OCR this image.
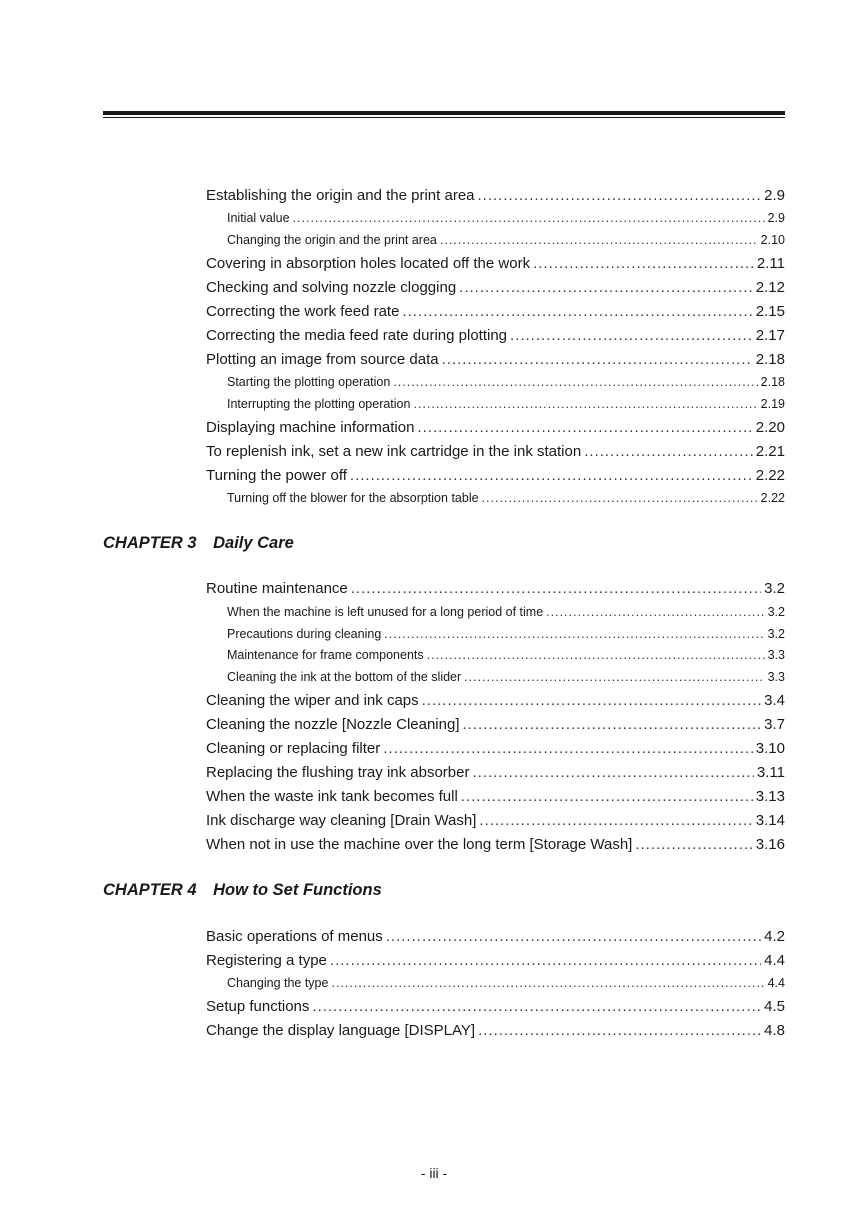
Establishing the origin and the print area .....	2.9
Initial value .....	2.9
Changing the origin and the print area .....	2.10
Covering in absorption holes located off the work .....	2.11
Checking and solving nozzle clogging .....	2.12
Correcting the work feed rate .....	2.15
Correcting the media feed rate during plotting .....	2.17
Plotting an image from source data .....	2.18
Starting the plotting operation .....	2.18
Interrupting the plotting operation .....	2.19
Displaying machine information .....	2.20
To replenish ink, set a new ink cartridge in the ink station .....	2.21
Turning the power off .....	2.22
Turning off the blower for the absorption table .....	2.22
CHAPTER 3 Daily Care
Routine maintenance .....	3.2
When the machine is left unused for a long period of time .....	3.2
Precautions during cleaning .....	3.2
Maintenance for frame components .....	3.3
Cleaning the ink at the bottom of the slider .....	3.3
Cleaning the wiper and ink caps .....	3.4
Cleaning the nozzle [Nozzle Cleaning] .....	3.7
Cleaning or replacing filter .....	3.10
Replacing the flushing tray ink absorber .....	3.11
When the waste ink tank becomes full .....	3.13
Ink discharge way cleaning [Drain Wash] .....	3.14
When not in use the machine over the long term [Storage Wash] .....	3.16
CHAPTER 4 How to Set Functions
Basic operations of menus .....	4.2
Registering a type .....	4.4
Changing the type .....	4.4
Setup functions .....	4.5
Change the display language [DISPLAY] .....	4.8
- iii -
